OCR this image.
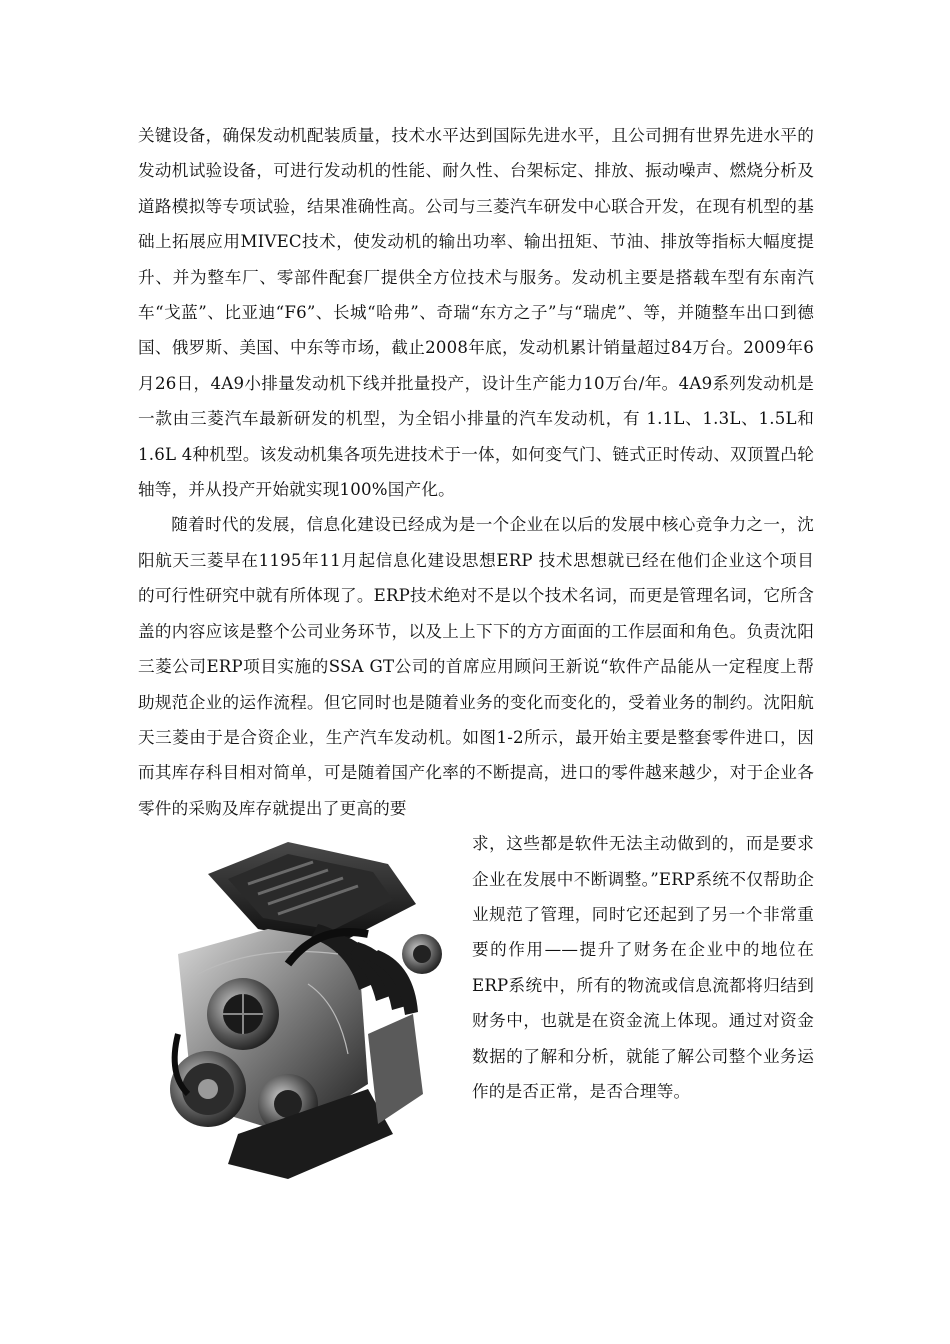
关键设备，确保发动机配装质量，技术水平达到国际先进水平，且公司拥有世界先进水平的发动机试验设备，可进行发动机的性能、耐久性、台架标定、排放、振动噪声、燃烧分析及道路模拟等专项试验，结果准确性高。公司与三菱汽车研发中心联合开发，在现有机型的基础上拓展应用MIVEC技术，使发动机的输出功率、输出扭矩、节油、排放等指标大幅度提升、并为整车厂、零部件配套厂提供全方位技术与服务。发动机主要是搭载车型有东南汽车“戈蓝”、比亚迪“F6”、长城“哈弗”、奇瑞“东方之子”与“瑞虎”、等，并随整车出口到德国、俄罗斯、美国、中东等市场，截止2008年底，发动机累计销量超过84万台。2009年6月26日，4A9小排量发动机下线并批量投产，设计生产能力10万台/年。4A9系列发动机是一款由三菱汽车最新研发的机型，为全铝小排量的汽车发动机，有 1.1L、1.3L、1.5L和1.6L 4种机型。该发动机集各项先进技术于一体，如何变气门、链式正时传动、双顶置凸轮轴等，并从投产开始就实现100%国产化。

随着时代的发展，信息化建设已经成为是一个企业在以后的发展中核心竞争力之一，沈阳航天三菱早在1195年11月起信息化建设思想ERP 技术思想就已经在他们企业这个项目的可行性研究中就有所体现了。ERP技术绝对不是以个技术名词，而更是管理名词，它所含盖的内容应该是整个公司业务环节，以及上上下下的方方面面的工作层面和角色。负责沈阳三菱公司ERP项目实施的SSA GT公司的首席应用顾问王新说“软件产品能从一定程度上帮助规范企业的运作流程。但它同时也是随着业务的变化而变化的，受着业务的制约。沈阳航天三菱由于是合资企业，生产汽车发动机。如图1-2所示，最开始主要是整套零件进口，因而其库存科目相对简单，可是随着国产化率的不断提高，进口的零件越来越少，对于企业各零件的采购及库存就提出了更高的要

求，这些都是软件无法主动做到的，而是要求企业在发展中不断调整。”ERP系统不仅帮助企业规范了管理，同时它还起到了另一个非常重要的作用——提升了财务在企业中的地位在ERP系统中，所有的物流或信息流都将归结到财务中，也就是在资金流上体现。通过对资金数据的了解和分析，就能了解公司整个业务运作的是否正常，是否合理等。
